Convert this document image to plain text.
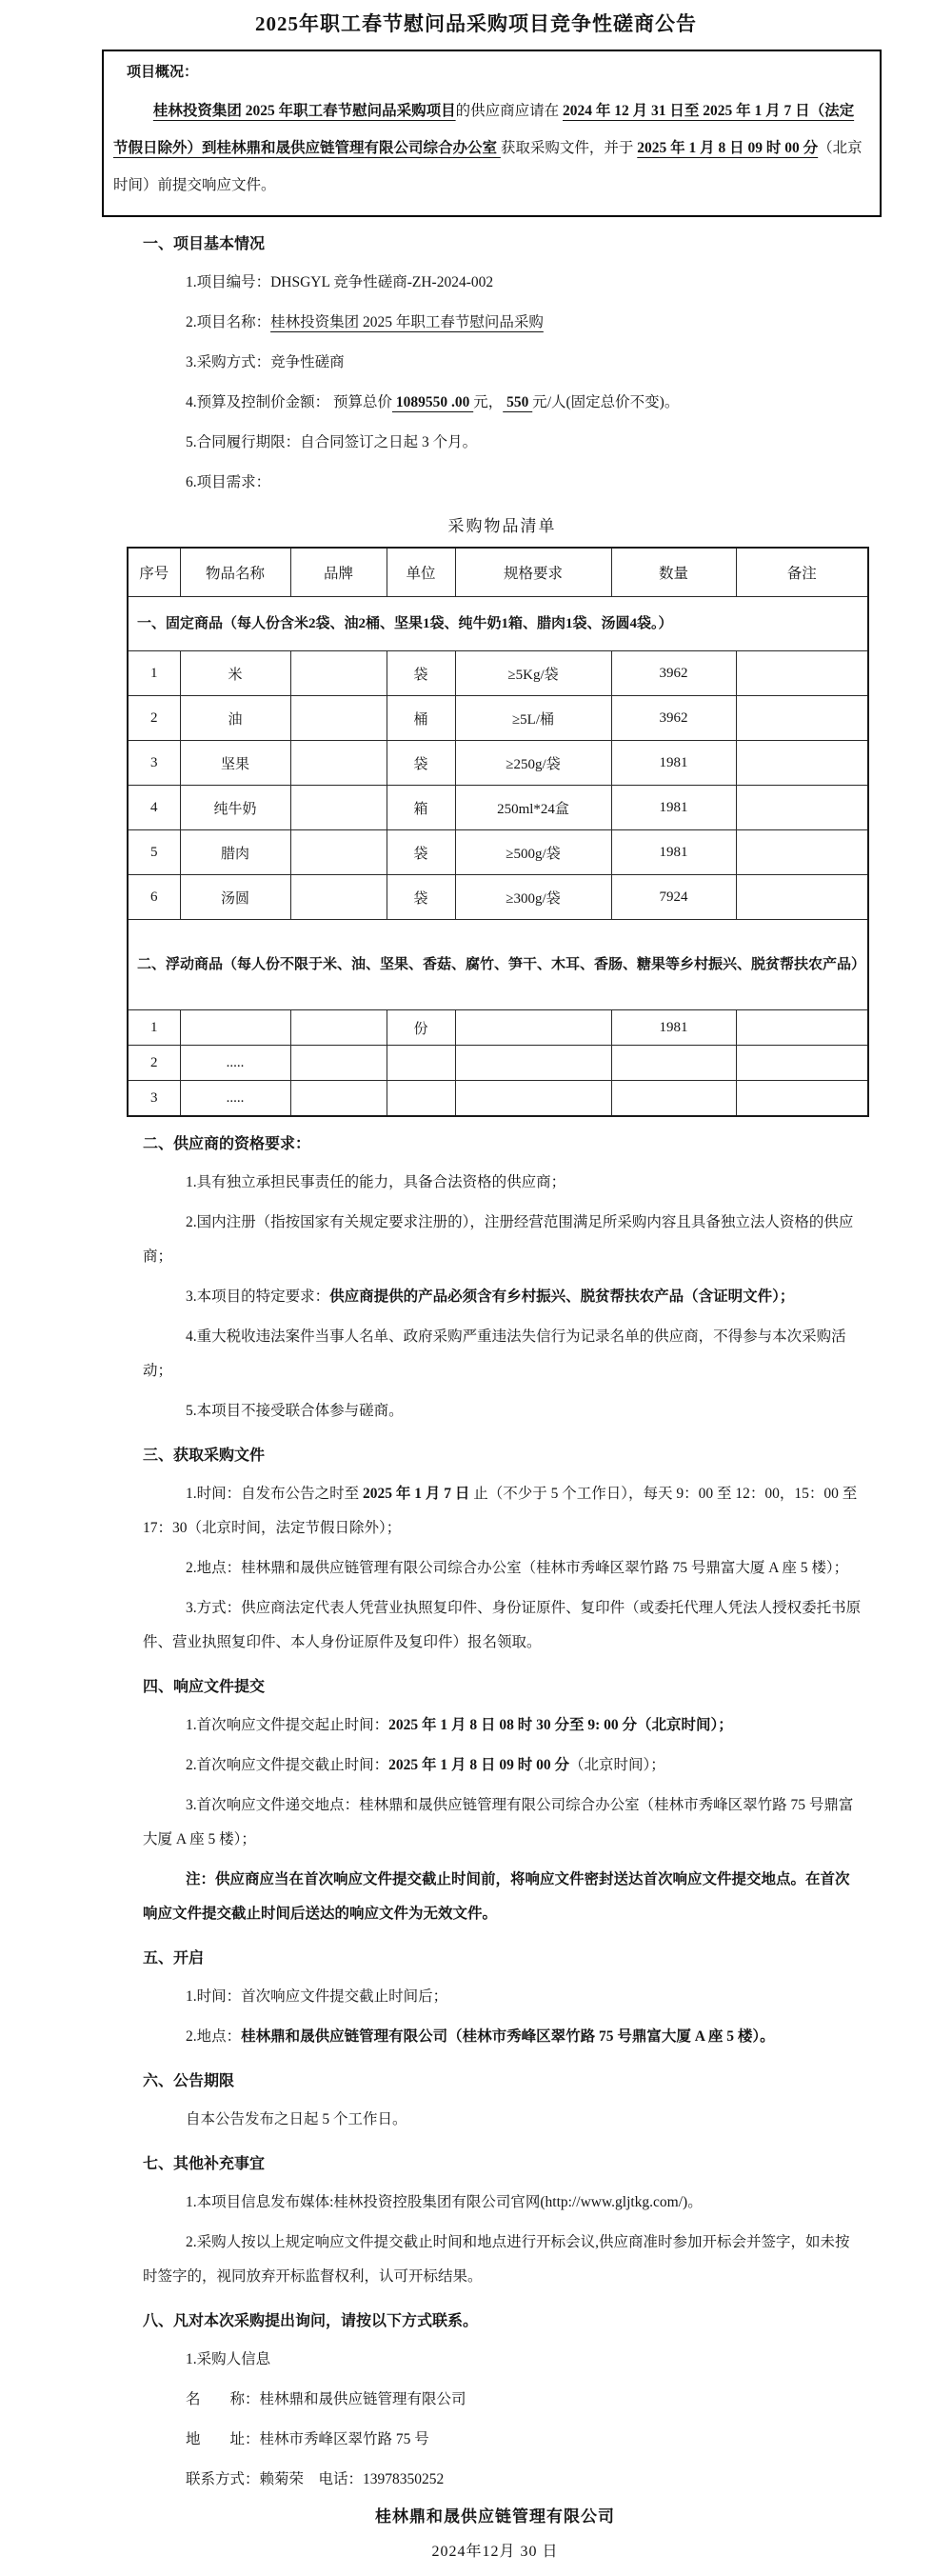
2025年职工春节慰问品采购项目竞争性磋商公告
项目概况：

桂林投资集团 2025 年职工春节慰问品采购项目的供应商应请在 2024 年 12 月 31 日至 2025 年 1 月 7 日（法定节假日除外）到桂林鼎和晟供应链管理有限公司综合办公室 获取采购文件，并于 2025 年 1 月 8 日 09 时 00 分（北京时间）前提交响应文件。

一、项目基本情况

1.项目编号：DHSGYL 竞争性磋商-ZH-2024-002

2.项目名称：桂林投资集团 2025 年职工春节慰问品采购

3.采购方式：竞争性磋商

4.预算及控制价金额： 预算总价 1089550 .00 元， 550 元/人(固定总价不变)。

5.合同履行期限：自合同签订之日起 3 个月。

6.项目需求：

采购物品清单
序号	物品名称	品牌	单位	规格要求	数量	备注
一、固定商品（每人份含米2袋、油2桶、坚果1袋、纯牛奶1箱、腊肉1袋、汤圆4袋。）						
1	米		袋	≥5Kg/袋	3962	
2	油		桶	≥5L/桶	3962	
3	坚果		袋	≥250g/袋	1981	
4	纯牛奶		箱	250ml*24盒	1981	
5	腊肉		袋	≥500g/袋	1981	
6	汤圆		袋	≥300g/袋	7924	
二、浮动商品（每人份不限于米、油、坚果、香菇、腐竹、笋干、木耳、香肠、糖果等乡村振兴、脱贫帮扶农产品）						
1			份		1981	
2	.....					
3	.....					
二、供应商的资格要求：

1.具有独立承担民事责任的能力，具备合法资格的供应商；

2.国内注册（指按国家有关规定要求注册的），注册经营范围满足所采购内容且具备独立法人资格的供应商；

3.本项目的特定要求：供应商提供的产品必须含有乡村振兴、脱贫帮扶农产品（含证明文件）；

4.重大税收违法案件当事人名单、政府采购严重违法失信行为记录名单的供应商，不得参与本次采购活动；

5.本项目不接受联合体参与磋商。

三、获取采购文件

1.时间：自发布公告之时至 2025 年 1 月 7 日 止（不少于 5 个工作日），每天 9：00 至 12：00，15：00 至 17：30（北京时间，法定节假日除外）；

2.地点：桂林鼎和晟供应链管理有限公司综合办公室（桂林市秀峰区翠竹路 75 号鼎富大厦 A 座 5 楼）；

3.方式：供应商法定代表人凭营业执照复印件、身份证原件、复印件（或委托代理人凭法人授权委托书原件、营业执照复印件、本人身份证原件及复印件）报名领取。

四、响应文件提交

1.首次响应文件提交起止时间：2025 年 1 月 8 日 08 时 30 分至 9: 00 分（北京时间）；

2.首次响应文件提交截止时间：2025 年 1 月 8 日 09 时 00 分（北京时间）；

3.首次响应文件递交地点：桂林鼎和晟供应链管理有限公司综合办公室（桂林市秀峰区翠竹路 75 号鼎富大厦 A 座 5 楼）；

注：供应商应当在首次响应文件提交截止时间前，将响应文件密封送达首次响应文件提交地点。在首次响应文件提交截止时间后送达的响应文件为无效文件。

五、开启

1.时间：首次响应文件提交截止时间后；

2.地点：桂林鼎和晟供应链管理有限公司（桂林市秀峰区翠竹路 75 号鼎富大厦 A 座 5 楼）。

六、公告期限

自本公告发布之日起 5 个工作日。

七、其他补充事宜

1.本项目信息发布媒体:桂林投资控股集团有限公司官网(http://www.gljtkg.com/)。

2.采购人按以上规定响应文件提交截止时间和地点进行开标会议,供应商准时参加开标会并签字，如未按时签字的，视同放弃开标监督权利，认可开标结果。

八、凡对本次采购提出询问，请按以下方式联系。

1.采购人信息

名　　称：桂林鼎和晟供应链管理有限公司

地　　址：桂林市秀峰区翠竹路 75 号

联系方式：赖菊荣　电话：13978350252

桂林鼎和晟供应链管理有限公司
2024年12月 30 日
